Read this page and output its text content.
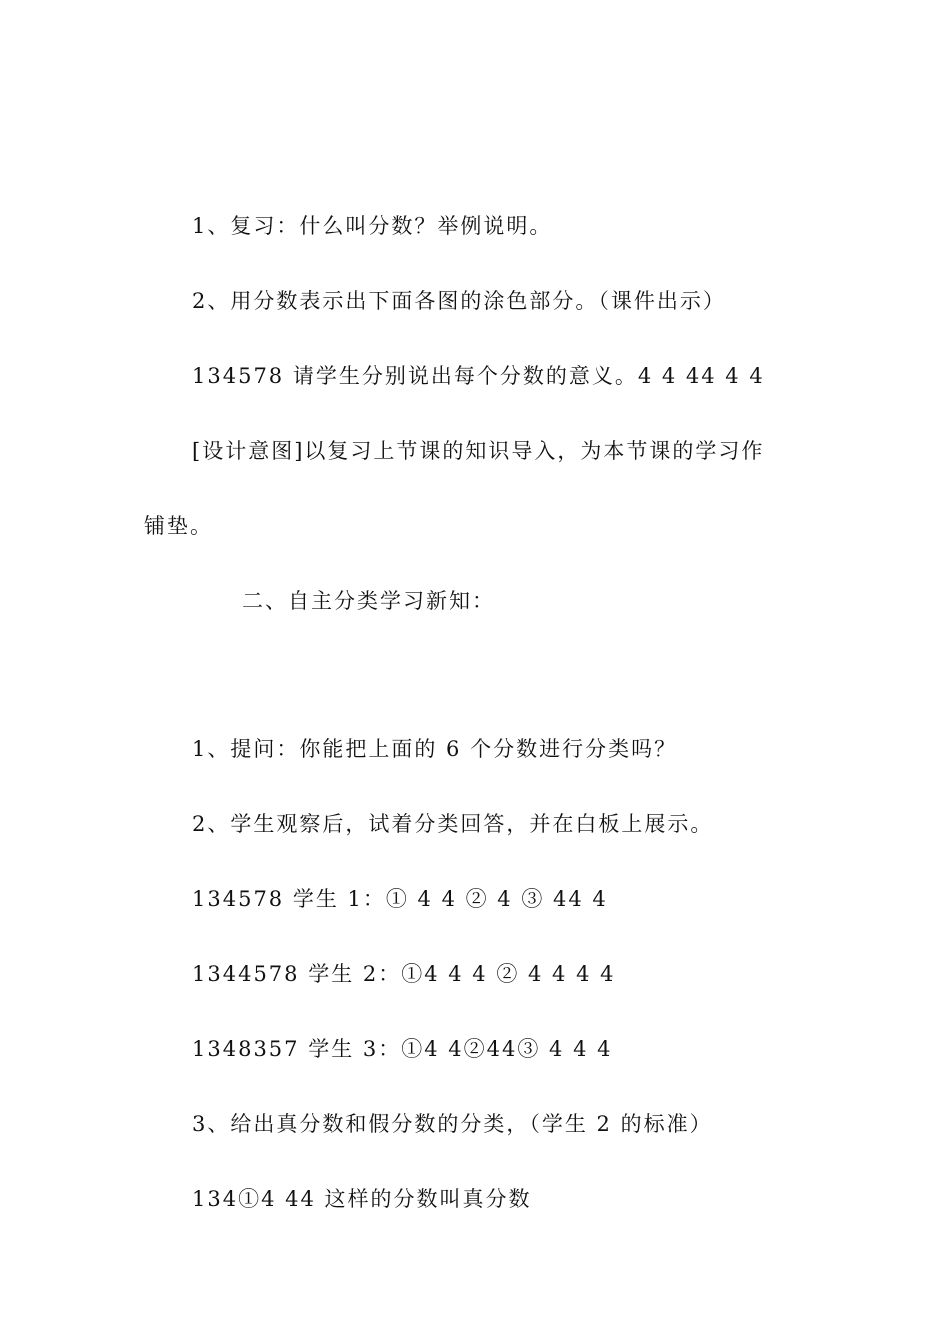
1、复习：什么叫分数？举例说明。
2、用分数表示出下面各图的涂色部分。（课件出示）
134578 请学生分别说出每个分数的意义。4 4 44 4 4
[设计意图]以复习上节课的知识导入，为本节课的学习作
铺垫。
二、自主分类学习新知：
1、提问：你能把上面的 6 个分数进行分类吗？
2、学生观察后，试着分类回答，并在白板上展示。
134578 学生 1：① 4 4 ② 4 ③ 44 4
1344578 学生 2：①4 4 4 ② 4 4 4 4
1348357 学生 3：①4 4②44③ 4 4 4
3、给出真分数和假分数的分类，（学生 2 的标准）
134①4 44 这样的分数叫真分数
